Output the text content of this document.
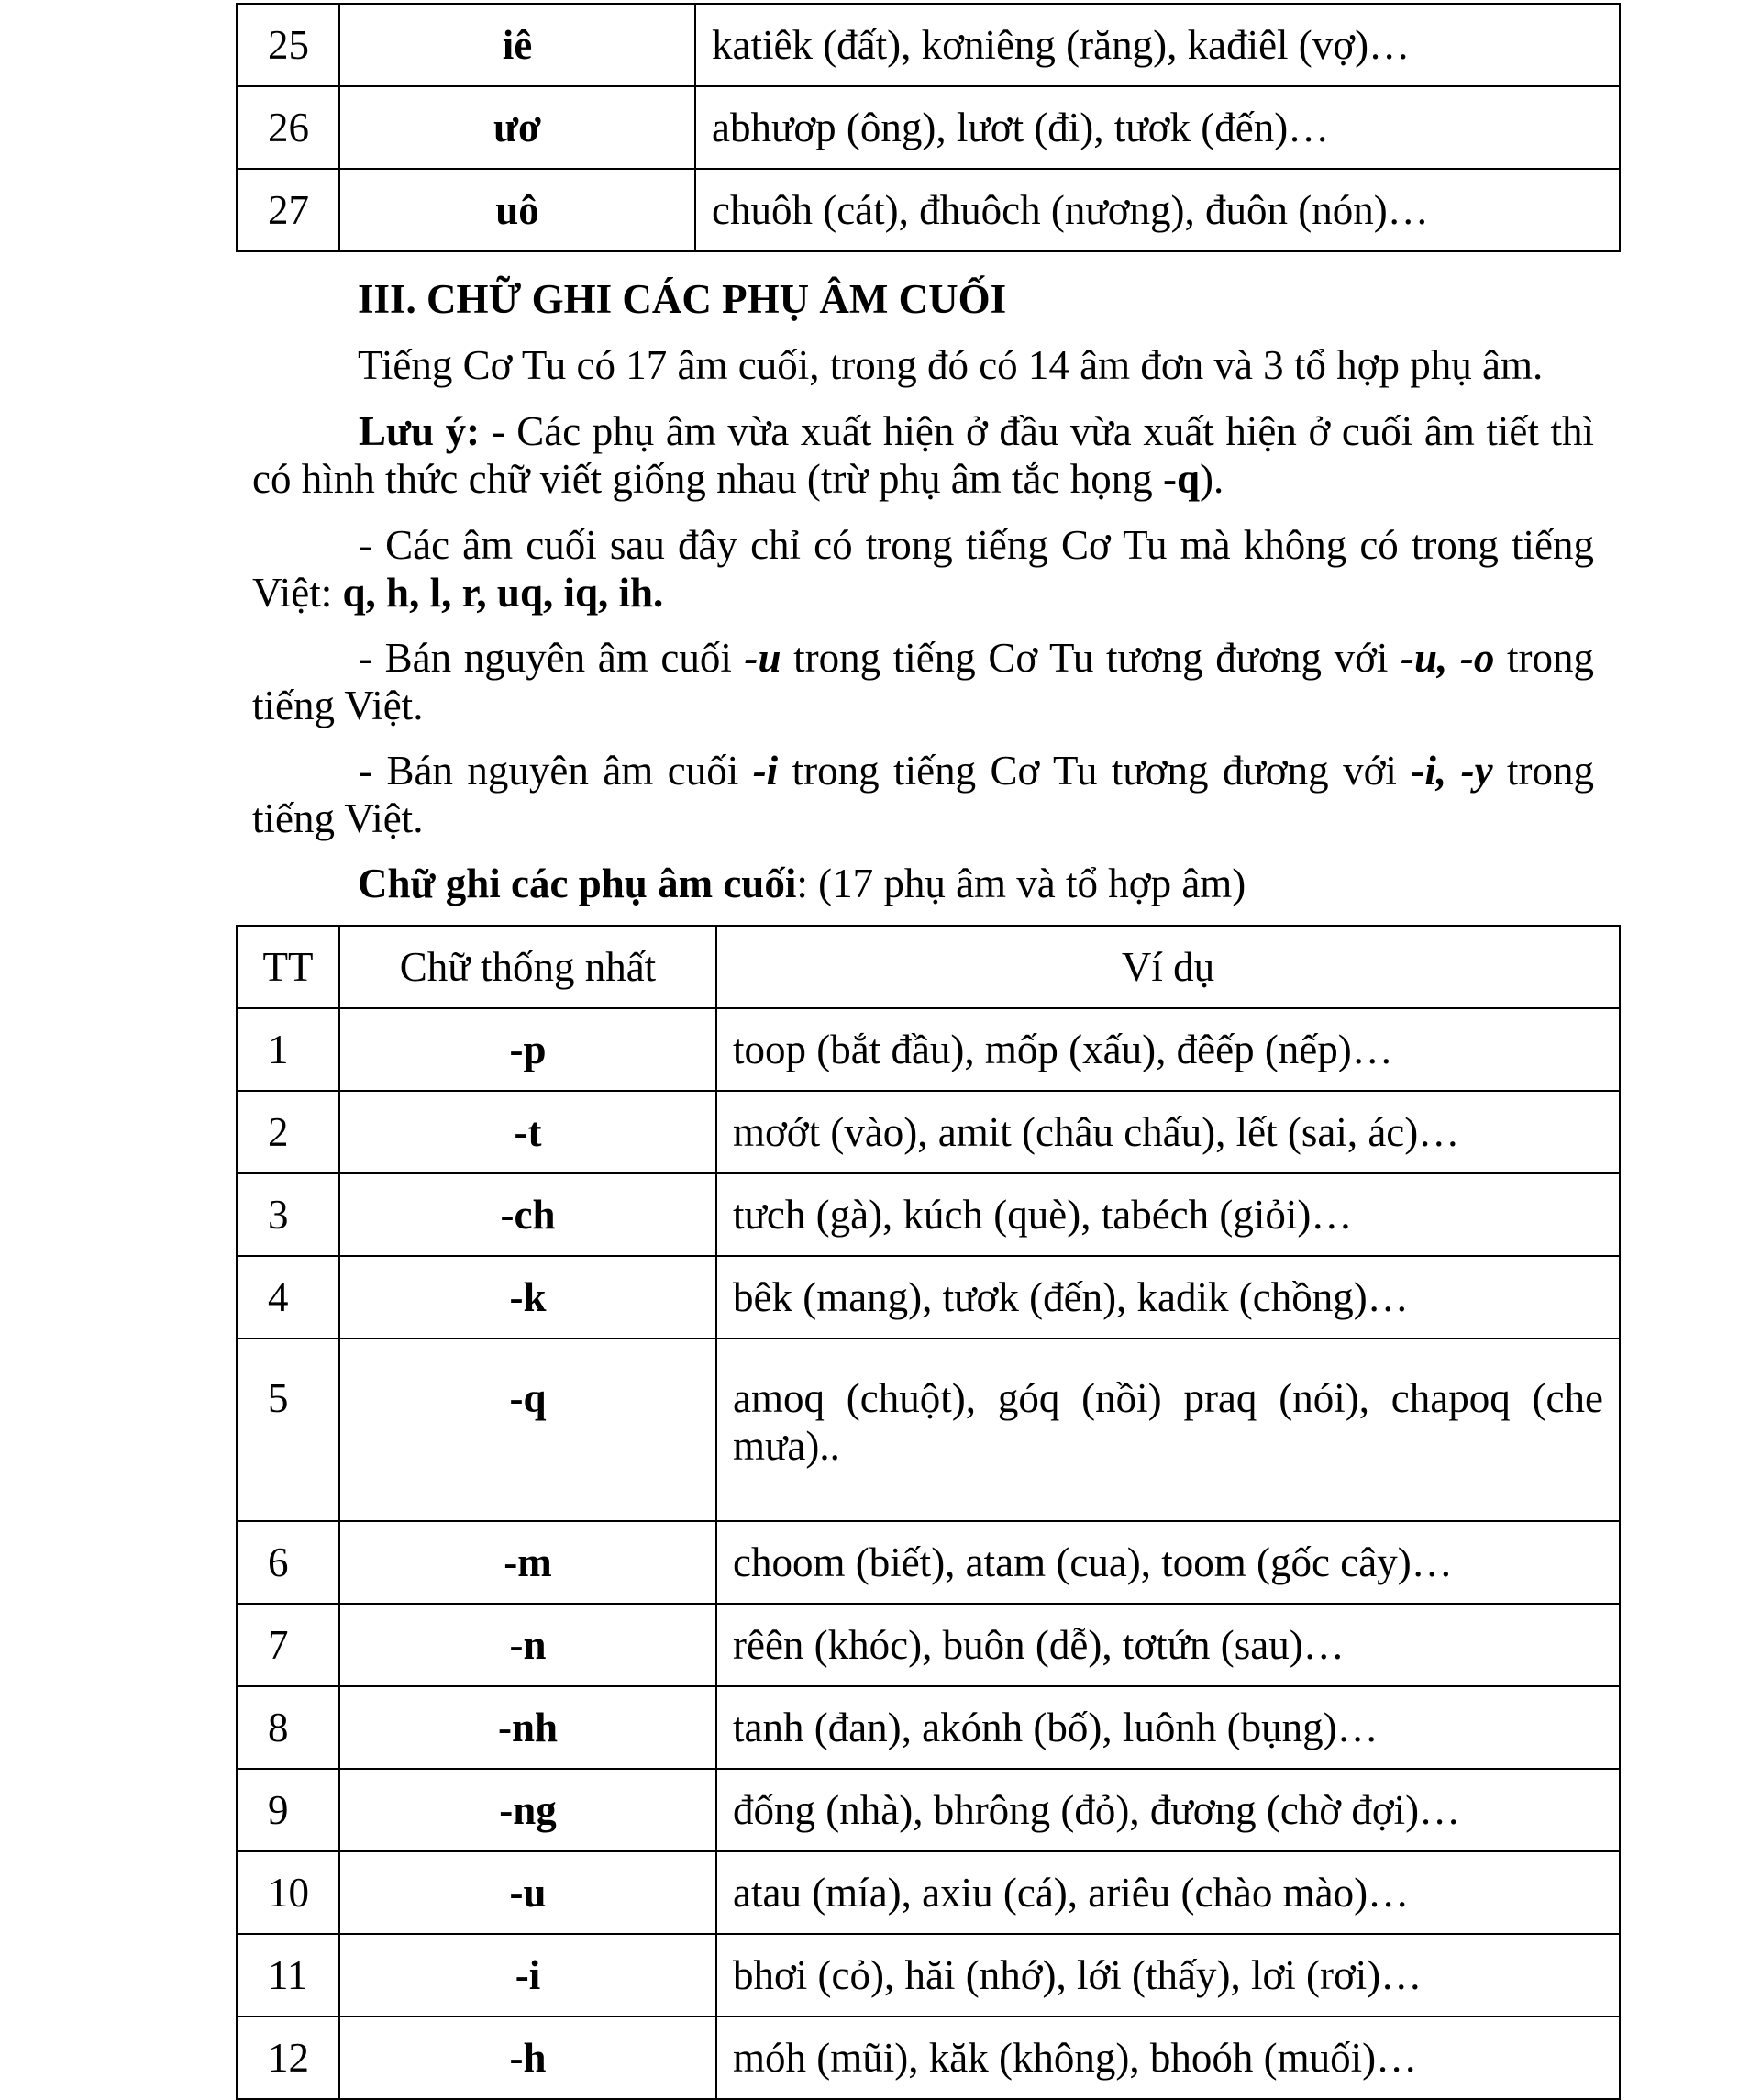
25	iê	katiêk (đất), kơniêng (răng), kađiêl (vợ)…
26	ươ	abhươp (ông), lươt (đi), tươk (đến)…
27	uô	chuôh (cát), đhuôch (nương), đuôn (nón)…
III. CHỮ GHI CÁC PHỤ ÂM CUỐI
Tiếng Cơ Tu có 17 âm cuối, trong đó có 14 âm đơn và 3 tổ hợp phụ âm.
Lưu ý: - Các phụ âm vừa xuất hiện ở đầu vừa xuất hiện ở cuối âm tiết thì có hình thức chữ viết giống nhau (trừ phụ âm tắc họng -q).
- Các âm cuối sau đây chỉ có trong tiếng Cơ Tu mà không có trong tiếng Việt: q, h, l, r, uq, iq, ih.
- Bán nguyên âm cuối -u trong tiếng Cơ Tu tương đương với -u, -o trong tiếng Việt.
- Bán nguyên âm cuối -i trong tiếng Cơ Tu tương đương với -i, -y trong tiếng Việt.
Chữ ghi các phụ âm cuối: (17 phụ âm và tổ hợp âm)
TT	Chữ thống nhất	Ví dụ
1	-p	toop (bắt đầu), mốp (xấu), đêếp (nếp)…
2	-t	mơớt (vào), amit (châu chấu), lết (sai, ác)…
3	-ch	tưch (gà), kúch (què), tabéch (giỏi)…
4	-k	bêk (mang), tươk (đến), kadik (chồng)…
5	-q	amoq (chuột), góq (nồi) praq (nói), chapoq (che mưa)..
6	-m	choom (biết), atam (cua), toom (gốc cây)…
7	-n	rêên (khóc), buôn (dễ), tơtứn (sau)…
8	-nh	tanh (đan), akónh (bố), luônh (bụng)…
9	-ng	đống (nhà), bhrông (đỏ), đương (chờ đợi)…
10	-u	atau (mía), axiu (cá), ariêu (chào mào)…
11	-i	bhơi (cỏ), hăi (nhớ), lới (thấy), lơi (rơi)…
12	-h	móh (mũi), kăk (không), bhoóh (muối)…
